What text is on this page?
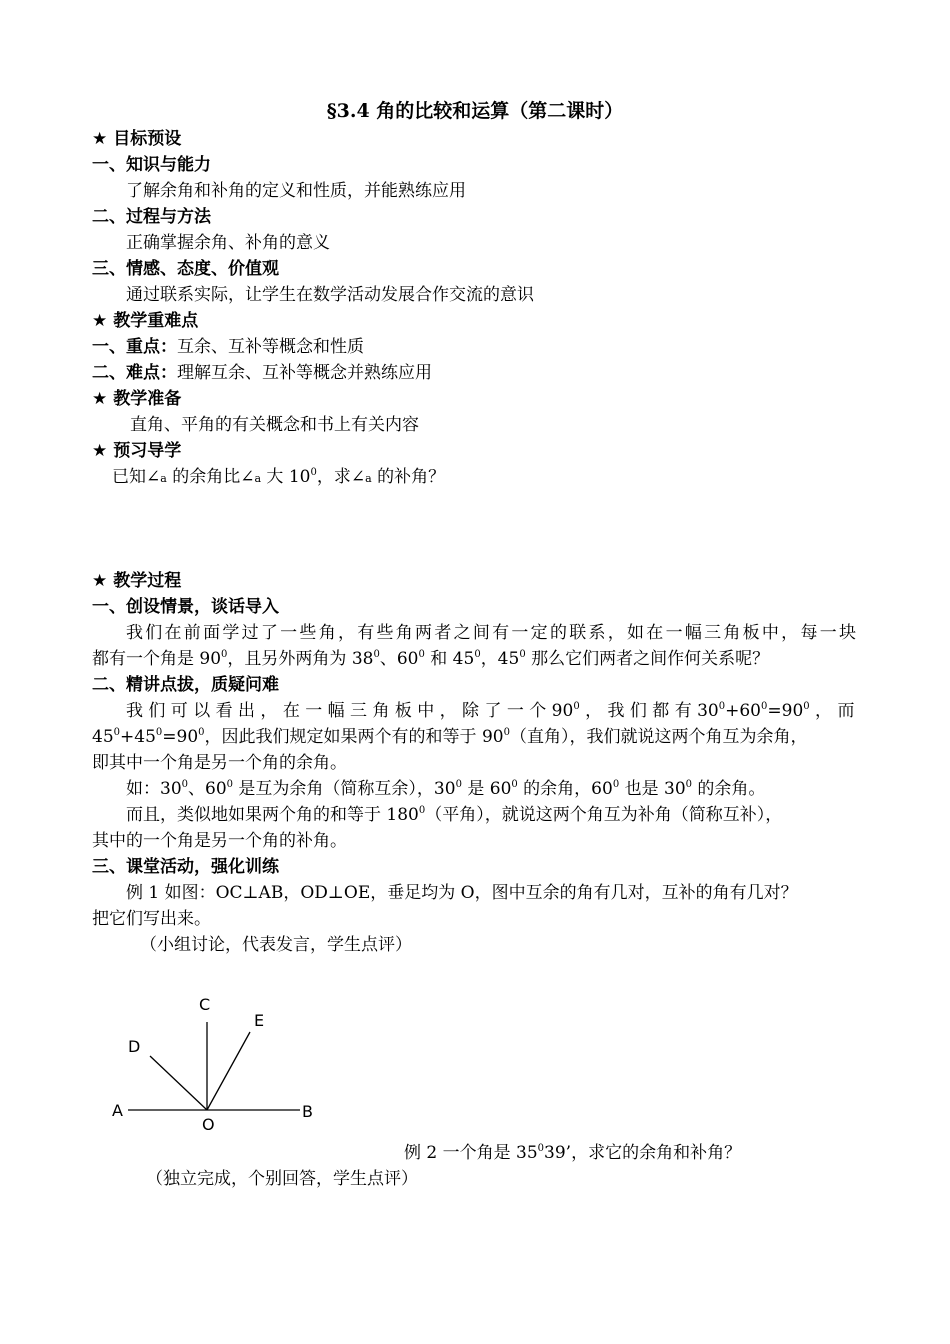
§3.4 角的比较和运算（第二课时）
★ 目标预设
一、知识与能力
了解余角和补角的定义和性质，并能熟练应用
二、过程与方法
正确掌握余角、补角的意义
三、情感、态度、价值观
通过联系实际，让学生在数学活动发展合作交流的意识
★ 教学重难点
一、重点：互余、互补等概念和性质
二、难点：理解互余、互补等概念并熟练应用
★ 教学准备
直角、平角的有关概念和书上有关内容
★ 预习导学
已知∠a 的余角比∠a 大 $10^0$，求∠a 的补角？
★ 教学过程
一、创设情景，谈话导入
我们在前面学过了一些角，有些角两者之间有一定的联系，如在一幅三角板中，每一块
都有一个角是 $90^0$，且另外两角为 $38^0$、$60^0$ 和 $45^0$，$45^0$ 那么它们两者之间作何关系呢？
二、精讲点拔，质疑问难
我 们 可 以 看 出 ， 在 一 幅 三 角 板 中 ， 除 了 一 个 $90^0$ ， 我 们 都 有 $30^0+60^0=90^0$ ， 而
$45^0+45^0=90^0$，因此我们规定如果两个有的和等于 $90^0$（直角），我们就说这两个角互为余角，
即其中一个角是另一个角的余角。
如：$30^0$、$60^0$ 是互为余角（简称互余），$30^0$ 是 $60^0$ 的余角，$60^0$ 也是 $30^0$ 的余角。
而且，类似地如果两个角的和等于 $180^0$（平角），就说这两个角互为补角（简称互补），
其中的一个角是另一个角的补角。
三、课堂活动，强化训练
例 1 如图：OC⊥AB，OD⊥OE，垂足均为 O，图中互余的角有几对，互补的角有几对？
把它们写出来。
（小组讨论，代表发言，学生点评）
A	B
C
D
E
O
例 2 一个角是 $35^039$’，求它的余角和补角？
（独立完成，个别回答，学生点评）
